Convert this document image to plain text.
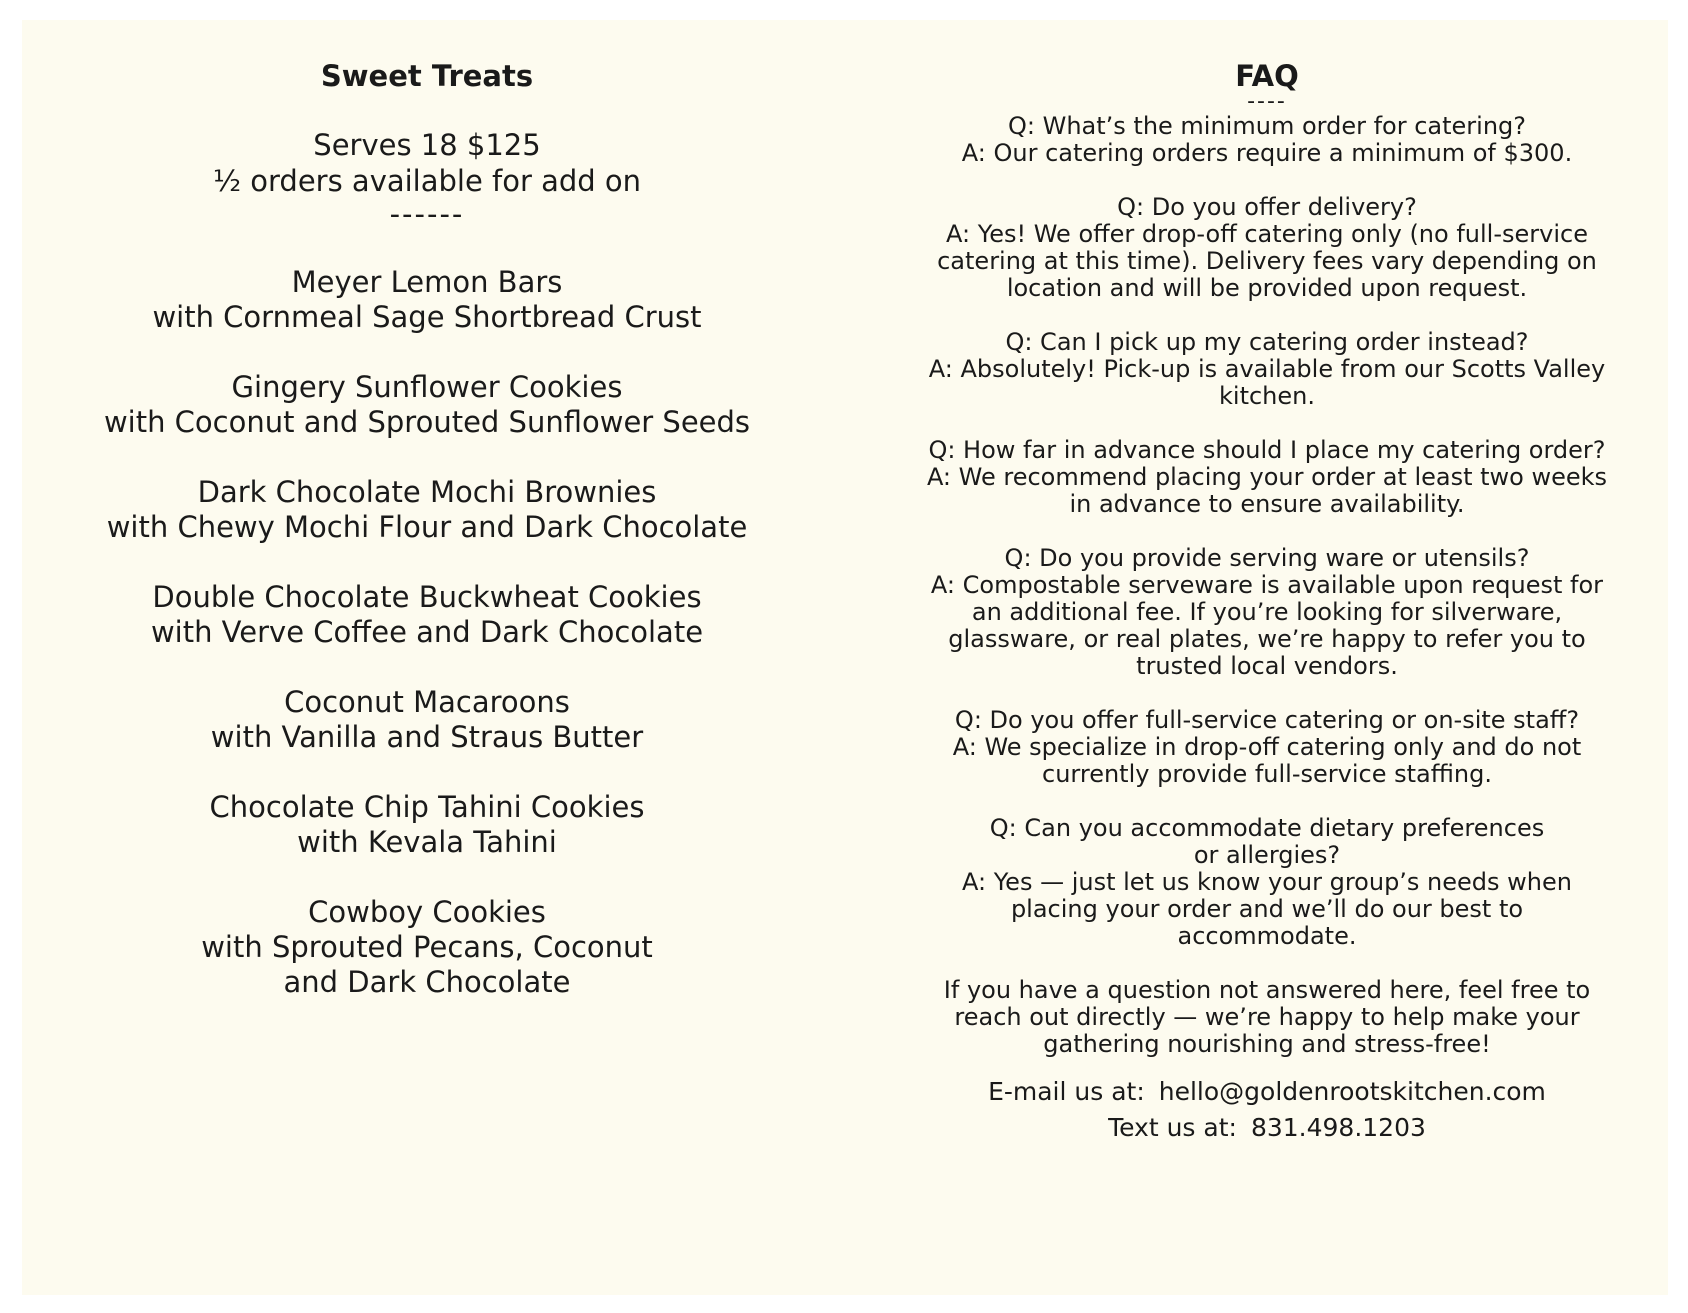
Sweet Treats
Serves 18 $125
½ orders available for add on
------
Meyer Lemon Bars
with Cornmeal Sage Shortbread Crust
Gingery Sunflower Cookies
with Coconut and Sprouted Sunflower Seeds
Dark Chocolate Mochi Brownies
with Chewy Mochi Flour and Dark Chocolate
Double Chocolate Buckwheat Cookies
with Verve Coffee and Dark Chocolate
Coconut Macaroons
with Vanilla and Straus Butter
Chocolate Chip Tahini Cookies
with Kevala Tahini
Cowboy Cookies
with Sprouted Pecans, Coconut
and Dark Chocolate
FAQ
----

Q: What’s the minimum order for catering?

A: Our catering orders require a minimum of $300.

Q: Do you offer delivery?

A: Yes! We offer drop-off catering only (no full-service
catering at this time). Delivery fees vary depending on
location and will be provided upon request.

Q: Can I pick up my catering order instead?

A: Absolutely! Pick-up is available from our Scotts Valley
kitchen.

Q: How far in advance should I place my catering order?

A: We recommend placing your order at least two weeks
in advance to ensure availability.

Q: Do you provide serving ware or utensils?

A: Compostable serveware is available upon request for
an additional fee. If you’re looking for silverware,
glassware, or real plates, we’re happy to refer you to
trusted local vendors.

Q: Do you offer full-service catering or on-site staff?

A: We specialize in drop-off catering only and do not
currently provide full-service staffing.

Q: Can you accommodate dietary preferences
or allergies?

A: Yes — just let us know your group’s needs when
placing your order and we’ll do our best to
accommodate.

If you have a question not answered here, feel free to
reach out directly — we’re happy to help make your
gathering nourishing and stress-free!

E-mail us at: hello@goldenrootskitchen.com
Text us at: 831.498.1203
